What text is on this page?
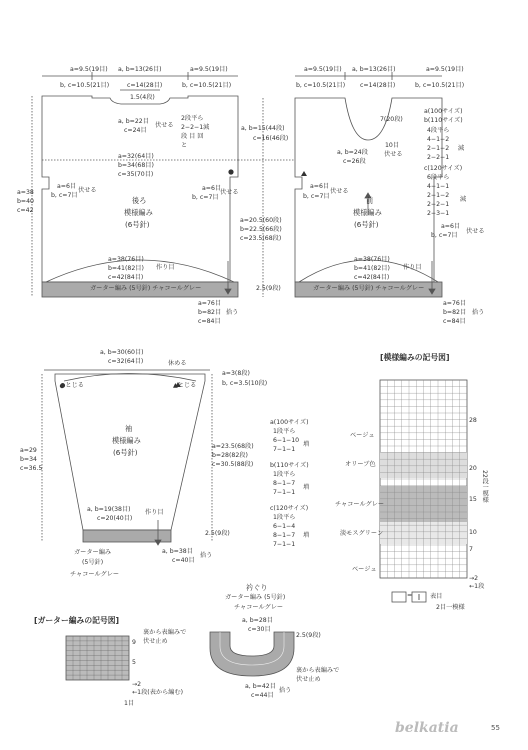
a=9.5(19目)
b, c=10.5(21目)
a, b=13(26目)
c=14(28目)
a=9.5(19目)
b, c=10.5(21目)
1.5(4段)
a, b=22目
c=24目
伏せる
2段平ら
2−2−1減
段 目 回
と
a=32(64目)
b=34(68目)
c=35(70目)
a=38
b=40
c=42
a=6目
b, c=7目
伏せる	a=6目
b, c=7目
伏せる
後ろ
模様編み
(6号針)
a=38(76目)
b=41(82目)
c=42(84目)
作り目
ガーター編み (5号針) チャコールグレー
a=76目
b=82目
c=84目
拾う
a=9.5(19目)
b, c=10.5(21目)
a, b=13(26目)
c=14(28目)
a=9.5(19目)
b, c=10.5(21目)
7(20段)
10目
伏せる
a, b=24段
c=26段
a, b=15(44段)
c=16(46段)
a(100サイズ)
b(110サイズ)
4段平ら
4−1−2
2−1−2
2−2−1
減
c(120サイズ)
6段平ら
4−1−1
2−1−2
2−2−1
2−3−1
減
a=6目
b, c=7目
伏せる
a=6目
b, c=7目
伏せる
前
模様編み
(6号針)
a=20.5(60段)
b=22.5(66段)
c=23.5(68段)
a=38(76目)
b=41(82目)
c=42(84目)
作り目
2.5(9段)	ガーター編み (5号針) チャコールグレー
a=76目
b=82目
c=84目
拾う
a, b=30(60目)
c=32(64目)	休める
●とじる	▲とじる
a=3(8段)
b, c=3.5(10段)
a=29
b=34
c=36.5
袖
模様編み
(6号針)
a=23.5(68段)
b=28(82段)
c=30.5(88段)
a, b=19(38目)
c=20(40目)
作り目
2.5(9段)
ガーター編み
(5号針)
チャコールグレー
a, b=38目
c=40目
拾う
a(100サイズ)
1段平ら
6−1−10
7−1−1
増
b(110サイズ)
1段平ら
8−1−7
7−1−1
増
c(120サイズ)
1段平ら
6−1−4
8−1−7
7−1−1
増
[模様編みの記号図]
ベージュ
オリーブ色
チャコールグレー
淡モスグリーン
ベージュ
28
20
15
10
7
→2
←1段
22段一模様
2目一模様
=	表目
[ガーター編みの記号図]
裏から表編みで
伏せ止め
9
5
→2
←1段(表から編む)
1目
衿ぐり
ガーター編み (5号針)
チャコールグレー
a, b=28目
c=30目
2.5(9段)
裏から表編みで
伏せ止め
a, b=42目
c=44目
拾う
belkatia	55
